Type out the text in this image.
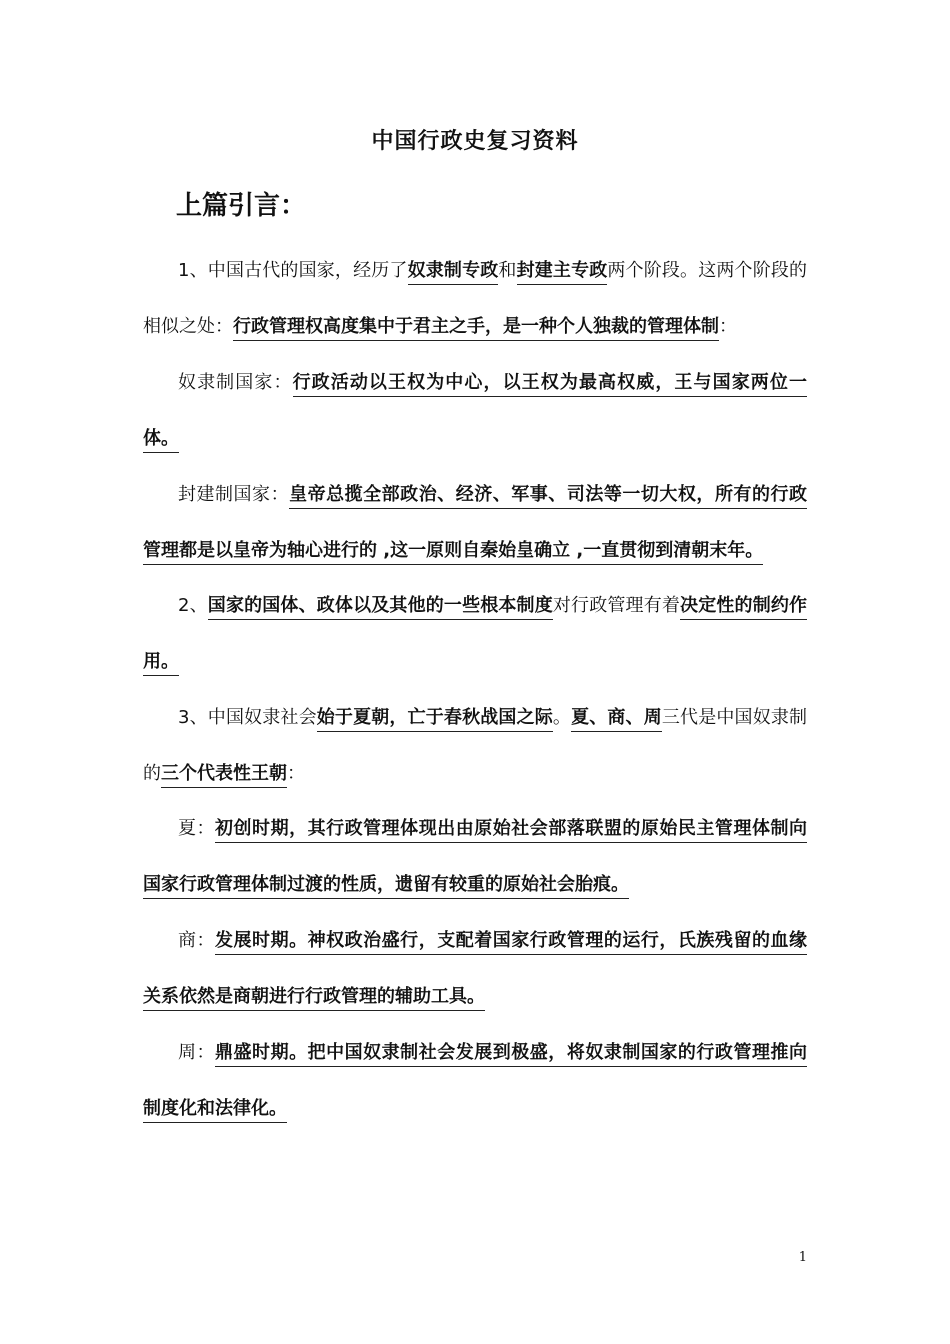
中国行政史复习资料
上篇引言：
1、中国古代的国家，经历了奴隶制专政和封建主专政两个阶段。这两个阶段的相似之处：行政管理权高度集中于君主之手，是一种个人独裁的管理体制：
奴隶制国家：行政活动以王权为中心，以王权为最高权威，王与国家两位一体。
封建制国家：皇帝总揽全部政治、经济、军事、司法等一切大权，所有的行政管理都是以皇帝为轴心进行的 ,这一原则自秦始皇确立 ,一直贯彻到清朝末年。
2、国家的国体、政体以及其他的一些根本制度对行政管理有着决定性的制约作用。
3、中国奴隶社会始于夏朝，亡于春秋战国之际。夏、商、周三代是中国奴隶制的三个代表性王朝：
夏：初创时期，其行政管理体现出由原始社会部落联盟的原始民主管理体制向国家行政管理体制过渡的性质，遗留有较重的原始社会胎痕。
商：发展时期。神权政治盛行，支配着国家行政管理的运行，氏族残留的血缘关系依然是商朝进行行政管理的辅助工具。
周：鼎盛时期。把中国奴隶制社会发展到极盛，将奴隶制国家的行政管理推向制度化和法律化。
1
